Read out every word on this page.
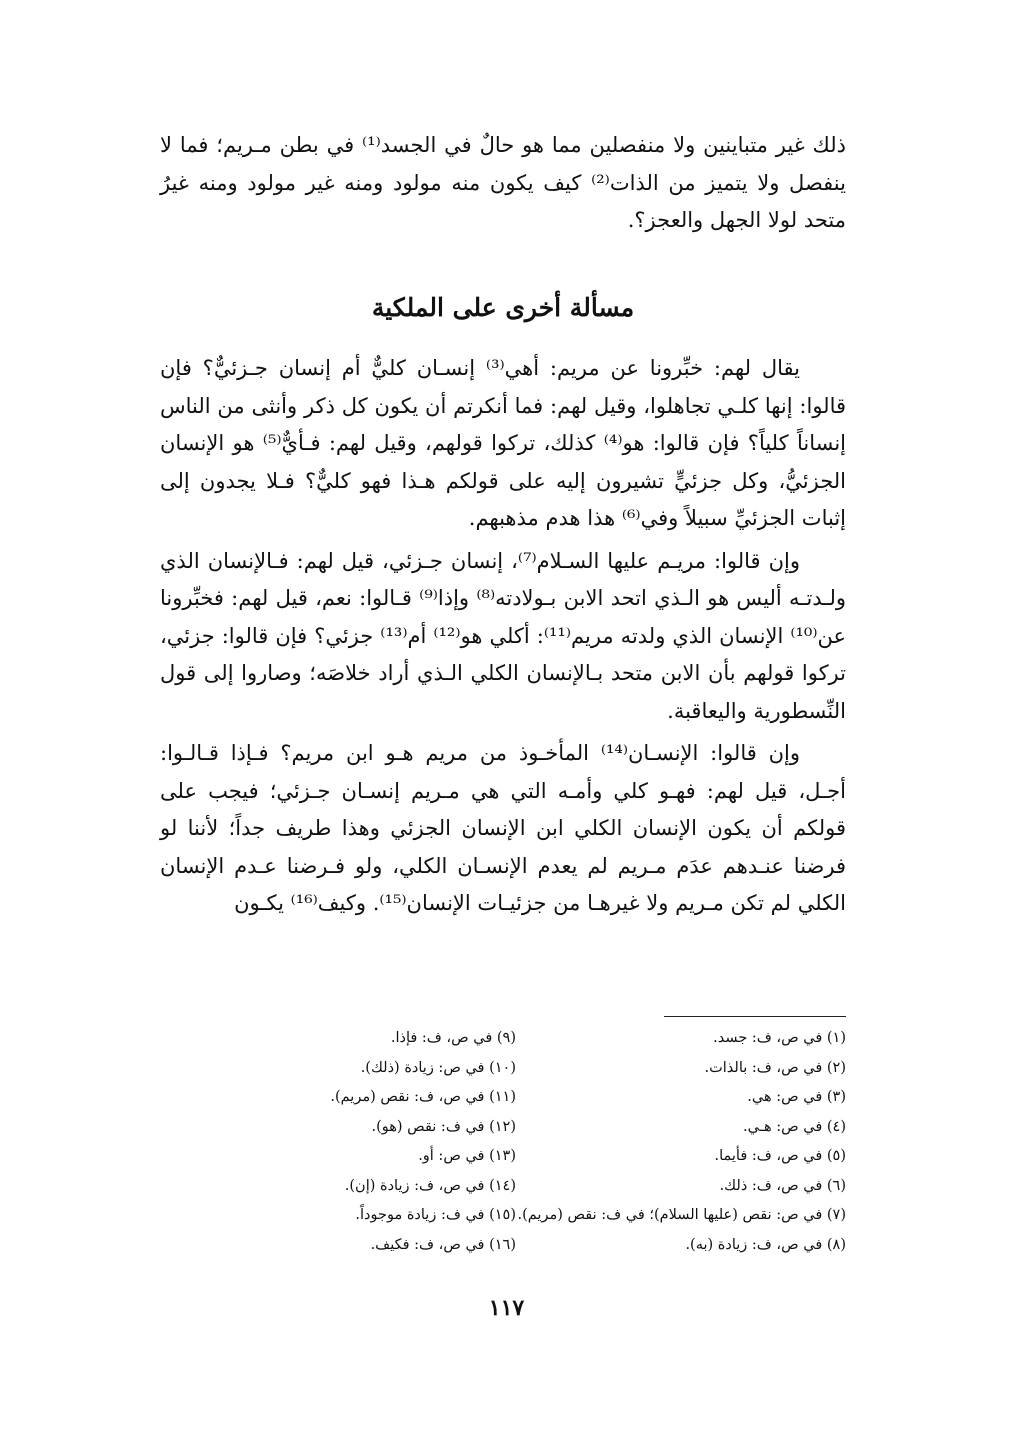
ذلك غير متباينين ولا منفصلين مما هو حالٌ في الجسد⁽¹⁾ في بطن مـريم؛ فما لا ينفصل ولا يتميز من الذات⁽²⁾ كيف يكون منه مولود ومنه غير مولود ومنه غيرُ متحد لولا الجهل والعجز؟.

مسألة أخرى على الملكية

يقال لهم: خبِّرونا عن مريم: أهي⁽³⁾ إنسـان كليٌّ أم إنسان جـزئيٌّ؟ فإن قالوا: إنها كلـي تجاهلوا، وقيل لهم: فما أنكرتم أن يكون كل ذكر وأنثى من الناس إنساناً كلياً؟ فإن قالوا: هو⁽⁴⁾ كذلك، تركوا قولهم، وقيل لهم: فـأيٌّ⁽⁵⁾ هو الإنسان الجزئيُّ، وكل جزئيٍّ تشيرون إليه على قولكم هـذا فهو كليٌّ؟ فـلا يجدون إلى إثبات الجزئيِّ سبيلاً وفي⁽⁶⁾ هذا هدم مذهبهم.

وإن قالوا: مريـم عليها السـلام⁽⁷⁾، إنسان جـزئي، قيل لهم: فـالإنسان الذي ولـدتـه أليس هو الـذي اتحد الابن بـولادته⁽⁸⁾ وإذا⁽⁹⁾ قـالوا: نعم، قيل لهم: فخبِّرونا عن⁽¹⁰⁾ الإنسان الذي ولدته مريم⁽¹¹⁾: أكلي هو⁽¹²⁾ أم⁽¹³⁾ جزئي؟ فإن قالوا: جزئي، تركوا قولهم بأن الابن متحد بـالإنسان الكلي الـذي أراد خلاصَه؛ وصاروا إلى قول النِّسطورية واليعاقبة.

وإن قالوا: الإنسـان⁽¹⁴⁾ المأخـوذ من مريم هـو ابن مريم؟ فـإذا قـالـوا: أجـل، قيل لهم: فهـو كلي وأمـه التي هي مـريم إنسـان جـزئي؛ فيجب على قولكم أن يكون الإنسان الكلي ابن الإنسان الجزئي وهذا طريف جداً؛ لأننا لو فرضنا عنـدهم عدَم مـريم لم يعدم الإنسـان الكلي، ولو فـرضنا عـدم الإنسان الكلي لم تكن مـريم ولا غيرهـا من جزئيـات الإنسان⁽¹⁵⁾. وكيف⁽¹⁶⁾ يكـون

(١) في ص، ف: جسد.
(٢) في ص، ف: بالذات.
(٣) في ص: هي.
(٤) في ص: هـي.
(٥) في ص، ف: فأيما.
(٦) في ص، ف: ذلك.
(٧) في ص: نقص (عليها السلام)؛ في ف: نقص (مريم).
(٨) في ص، ف: زيادة (به).
(٩) في ص، ف: فإذا.
(١٠) في ص: زيادة (ذلك).
(١١) في ص، ف: نقص (مريم).
(١٢) في ف: نقص (هو).
(١٣) في ص: أو.
(١٤) في ص، ف: زيادة (إن).
(١٥) في ف: زيادة موجوداً.
(١٦) في ص، ف: فكيف.
١١٧
